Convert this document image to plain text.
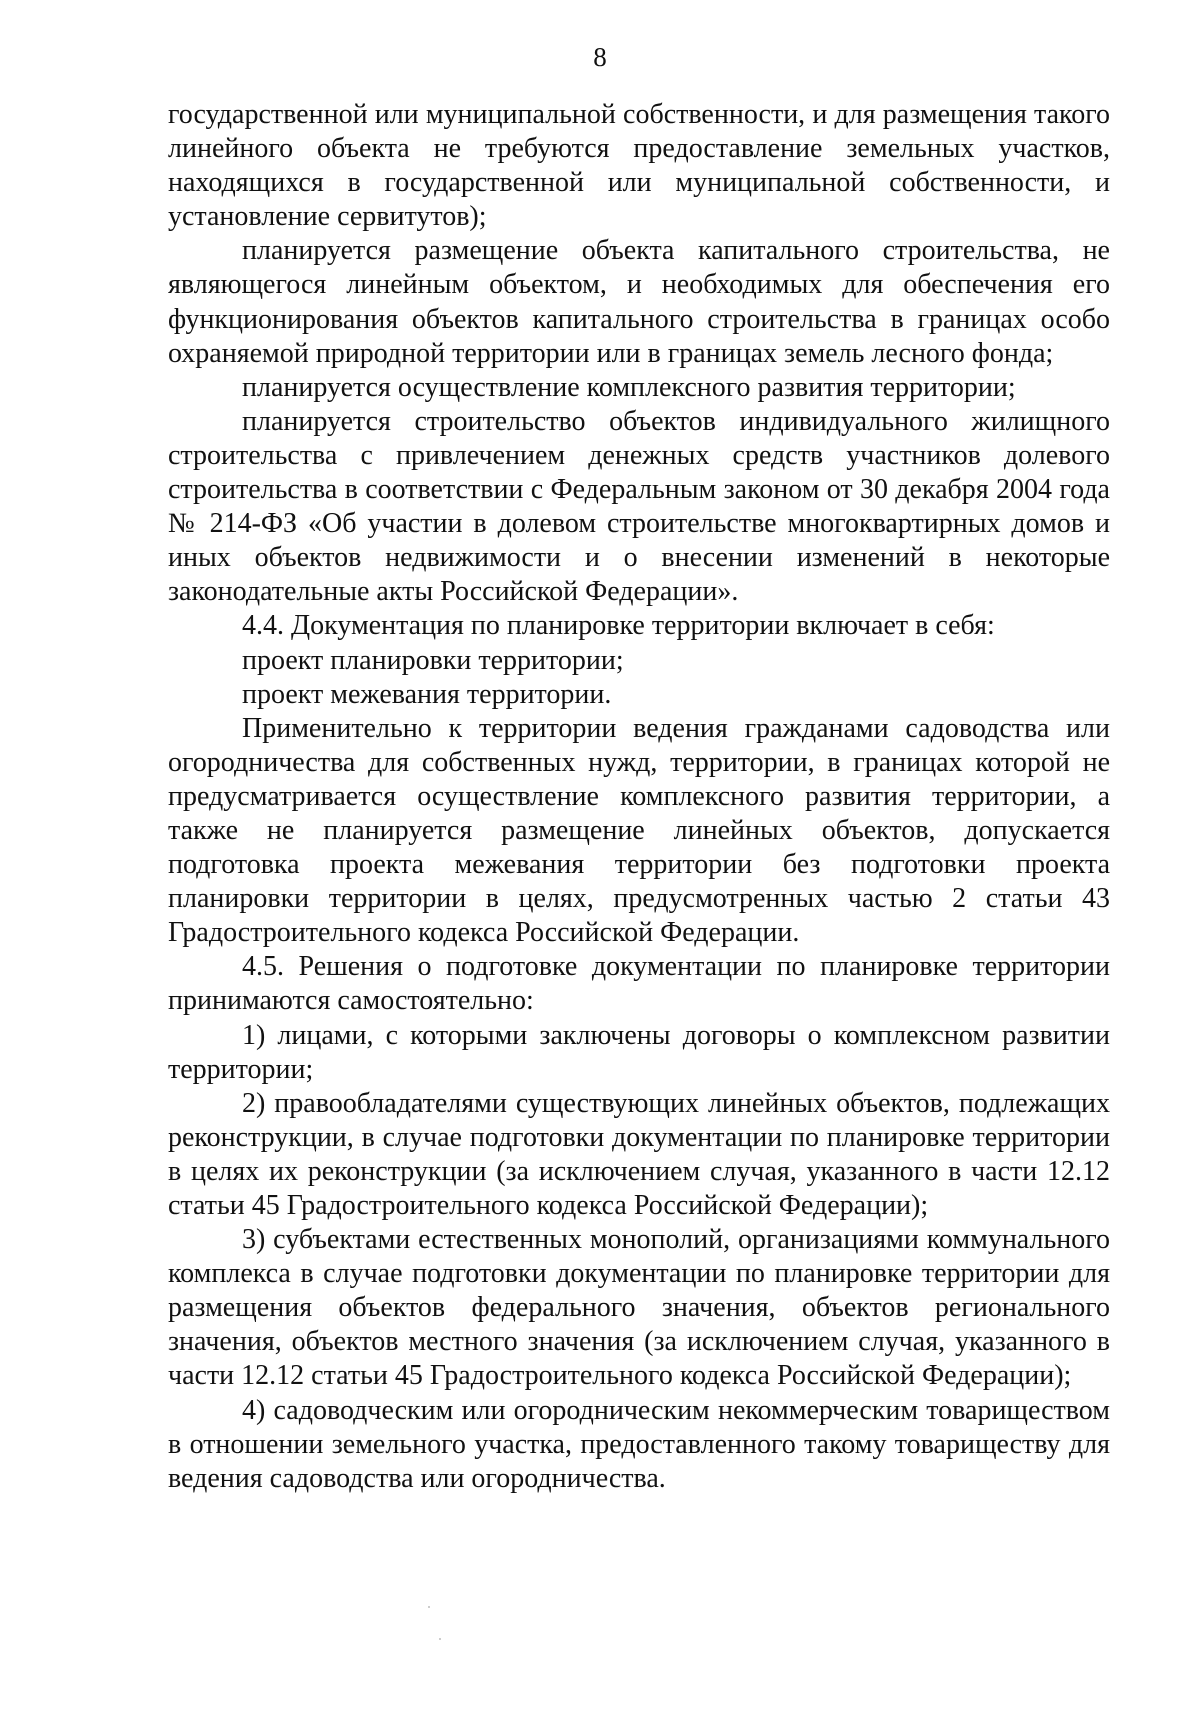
8

государственной или муниципальной собственности, и для размещения такого линейного объекта не требуются предоставление земельных участков, находящихся в государственной или муниципальной собственности, и установление сервитутов);

планируется размещение объекта капитального строительства, не являющегося линейным объектом, и необходимых для обеспечения его функционирования объектов капитального строительства в границах особо охраняемой природной территории или в границах земель лесного фонда;

планируется осуществление комплексного развития территории;

планируется строительство объектов индивидуального жилищного строительства с привлечением денежных средств участников долевого строительства в соответствии с Федеральным законом от 30 декабря 2004 года № 214-ФЗ «Об участии в долевом строительстве многоквартирных домов и иных объектов недвижимости и о внесении изменений в некоторые законодательные акты Российской Федерации».

4.4. Документация по планировке территории включает в себя:

проект планировки территории;

проект межевания территории.

Применительно к территории ведения гражданами садоводства или огородничества для собственных нужд, территории, в границах которой не предусматривается осуществление комплексного развития территории, а также не планируется размещение линейных объектов, допускается подготовка проекта межевания территории без подготовки проекта планировки территории в целях, предусмотренных частью 2 статьи 43 Градостроительного кодекса Российской Федерации.

4.5. Решения о подготовке документации по планировке территории принимаются самостоятельно:

1) лицами, с которыми заключены договоры о комплексном развитии территории;

2) правообладателями существующих линейных объектов, подлежащих реконструкции, в случае подготовки документации по планировке территории в целях их реконструкции (за исключением случая, указанного в части 12.12 статьи 45 Градостроительного кодекса Российской Федерации);

3) субъектами естественных монополий, организациями коммунального комплекса в случае подготовки документации по планировке территории для размещения объектов федерального значения, объектов регионального значения, объектов местного значения (за исключением случая, указанного в части 12.12 статьи 45 Градостроительного кодекса Российской Федерации);

4) садоводческим или огородническим некоммерческим товариществом в отношении земельного участка, предоставленного такому товариществу для ведения садоводства или огородничества.
